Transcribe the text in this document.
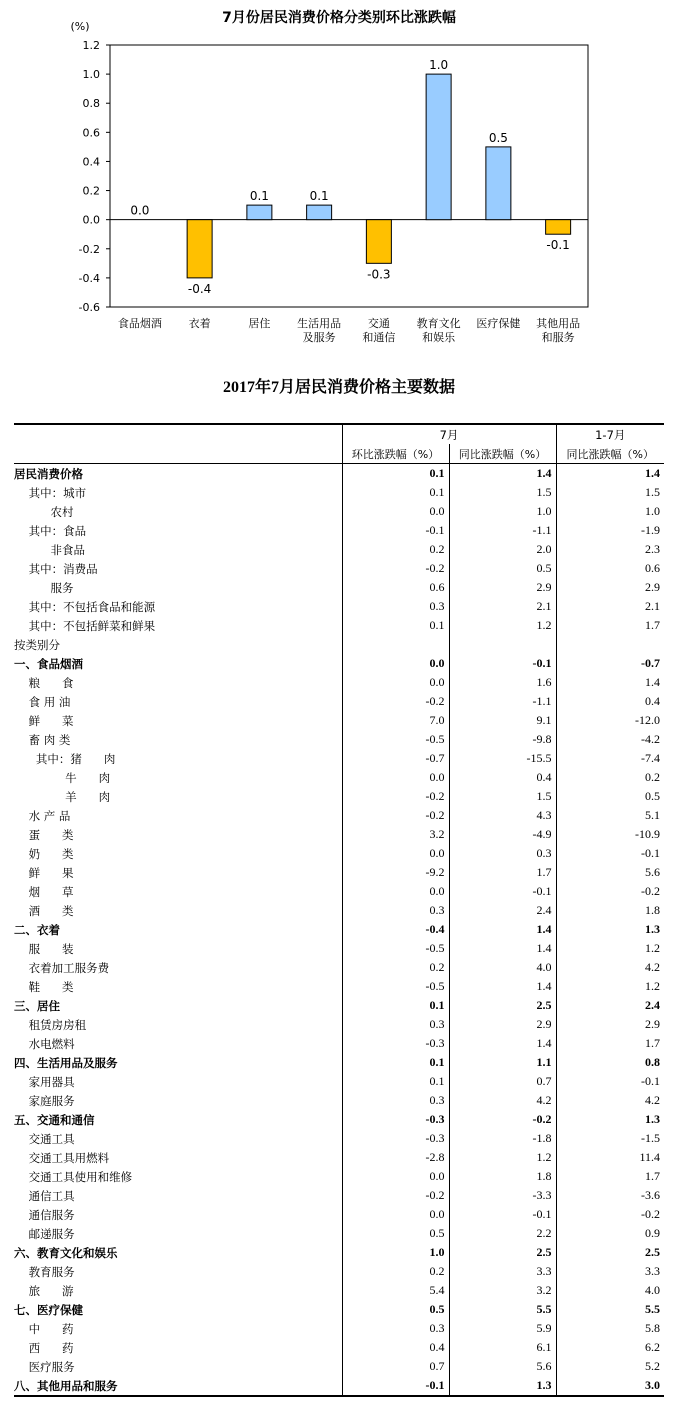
7月份居民消费价格分类别环比涨跌幅
(%)
1.2
1.0
0.8
0.6
0.4
0.2
0.0
-0.2
-0.4
-0.6
食品烟酒 衣着	居住 生活用品
及服务
交通
和通信
教育文化
和娱乐
医疗保健 其他用品
和服务
0.0
-0.4
0.1	0.1
-0.3
1.0
0.5
-0.1
2017年7月居民消费价格主要数据
	7月		1-7月
	环比涨跌幅（%）	同比涨跌幅（%）	同比涨跌幅（%）
居民消费价格	0.1	1.4	1.4
其中：城市	0.1	1.5	1.5
农村	0.0	1.0	1.0
其中：食品	-0.1	-1.1	-1.9
非食品	0.2	2.0	2.3
其中：消费品	-0.2	0.5	0.6
服务	0.6	2.9	2.9
其中：不包括食品和能源	0.3	2.1	2.1
其中：不包括鲜菜和鲜果	0.1	1.2	1.7
按类别分			
一、食品烟酒	0.0	-0.1	-0.7
粮      食	0.0	1.6	1.4
食 用 油	-0.2	-1.1	0.4
鲜      菜	7.0	9.1	-12.0
畜 肉 类	-0.5	-9.8	-4.2
其中：猪      肉	-0.7	-15.5	-7.4
牛      肉	0.0	0.4	0.2
羊      肉	-0.2	1.5	0.5
水 产 品	-0.2	4.3	5.1
蛋      类	3.2	-4.9	-10.9
奶      类	0.0	0.3	-0.1
鲜      果	-9.2	1.7	5.6
烟      草	0.0	-0.1	-0.2
酒      类	0.3	2.4	1.8
二、衣着	-0.4	1.4	1.3
服      装	-0.5	1.4	1.2
衣着加工服务费	0.2	4.0	4.2
鞋      类	-0.5	1.4	1.2
三、居住	0.1	2.5	2.4
租赁房房租	0.3	2.9	2.9
水电燃料	-0.3	1.4	1.7
四、生活用品及服务	0.1	1.1	0.8
家用器具	0.1	0.7	-0.1
家庭服务	0.3	4.2	4.2
五、交通和通信	-0.3	-0.2	1.3
交通工具	-0.3	-1.8	-1.5
交通工具用燃料	-2.8	1.2	11.4
交通工具使用和维修	0.0	1.8	1.7
通信工具	-0.2	-3.3	-3.6
通信服务	0.0	-0.1	-0.2
邮递服务	0.5	2.2	0.9
六、教育文化和娱乐	1.0	2.5	2.5
教育服务	0.2	3.3	3.3
旅      游	5.4	3.2	4.0
七、医疗保健	0.5	5.5	5.5
中      药	0.3	5.9	5.8
西      药	0.4	6.1	6.2
医疗服务	0.7	5.6	5.2
八、其他用品和服务	-0.1	1.3	3.0
